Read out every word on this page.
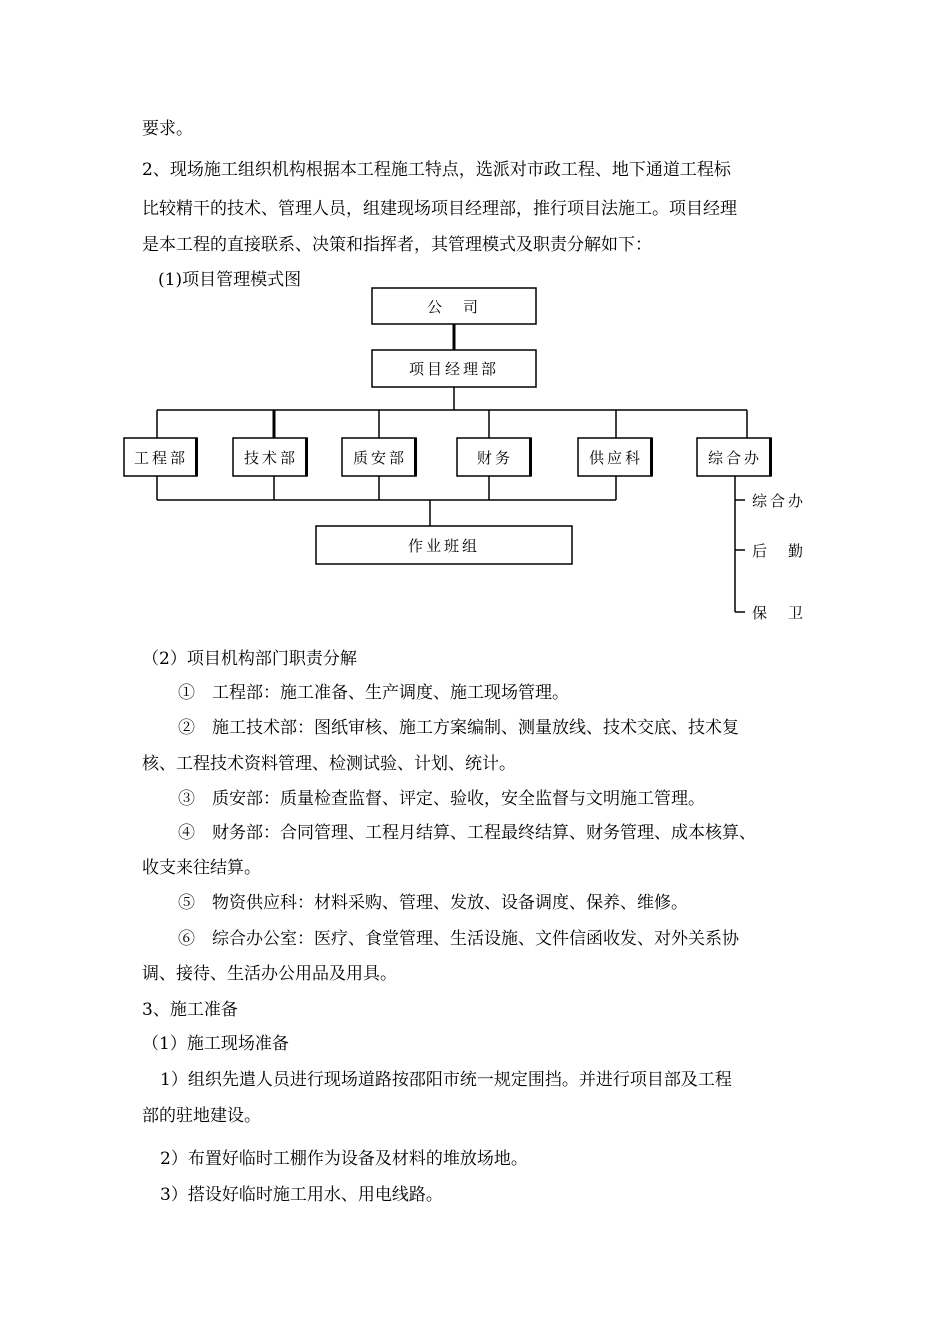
要求。

2、现场施工组织机构根据本工程施工特点，选派对市政工程、地下通道工程标

比较精干的技术、管理人员，组建现场项目经理部，推行项目法施工。项目经理

是本工程的直接联系、决策和指挥者，其管理模式及职责分解如下：

(1)项目管理模式图

公　司
项目经理部
工程部	技术部	质安部	财务	供应科	综合办
作业班组
综合办
后　勤
保　卫

（2）项目机构部门职责分解

①　工程部：施工准备、生产调度、施工现场管理。

②　施工技术部：图纸审核、施工方案编制、测量放线、技术交底、技术复

核、工程技术资料管理、检测试验、计划、统计。

③　质安部：质量检查监督、评定、验收，安全监督与文明施工管理。

④　财务部：合同管理、工程月结算、工程最终结算、财务管理、成本核算、

收支来往结算。

⑤　物资供应科：材料采购、管理、发放、设备调度、保养、维修。

⑥　综合办公室：医疗、食堂管理、生活设施、文件信函收发、对外关系协

调、接待、生活办公用品及用具。

3、施工准备

（1）施工现场准备

1）组织先遣人员进行现场道路按邵阳市统一规定围挡。并进行项目部及工程

部的驻地建设。

2）布置好临时工棚作为设备及材料的堆放场地。

3）搭设好临时施工用水、用电线路。
